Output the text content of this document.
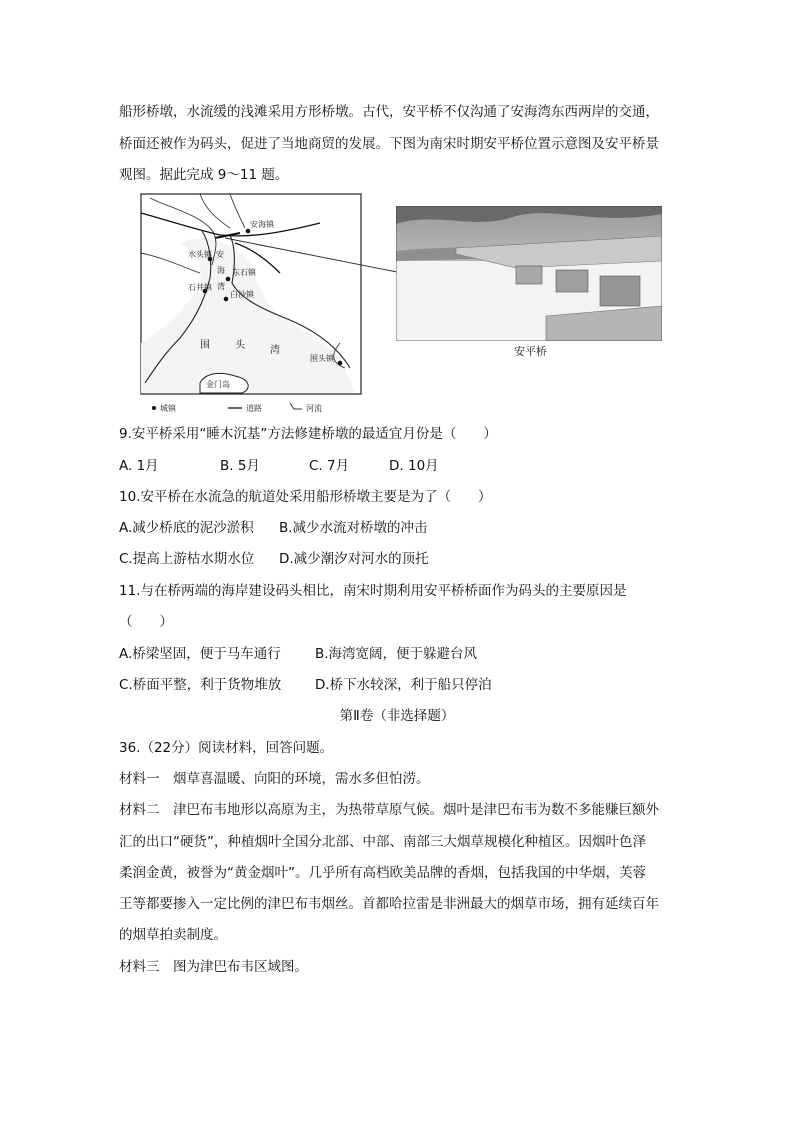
船形桥墩，水流缓的浅滩采用方形桥墩。古代，安平桥不仅沟通了安海湾东西两岸的交通，
桥面还被作为码头，促进了当地商贸的发展。下图为南宋时期安平桥位置示意图及安平桥景
观图。据此完成 9～11 题。
安海镇
水头镇 安
海
湾
东石镇
石井镇
白沙镇
围	头	湾
围头镇
金门岛
城镇	道路	河流
安平桥
9.安平桥采用“睡木沉基”方法修建桥墩的最适宜月份是（　　）
A. 1月	B. 5月	C. 7月	D. 10月
10.安平桥在水流急的航道处采用船形桥墩主要是为了（　　）
A.减少桥底的泥沙淤积 B.减少水流对桥墩的冲击
C.提高上游枯水期水位 D.减少潮汐对河水的顶托
11.与在桥两端的海岸建设码头相比，南宋时期利用安平桥桥面作为码头的主要原因是
（　　）
A.桥梁坚固，便于马车通行	B.海湾宽阔，便于躲避台风
C.桥面平整，利于货物堆放	D.桥下水较深，利于船只停泊
第Ⅱ卷（非选择题）
36.（22分）阅读材料，回答问题。
材料一　烟草喜温暖、向阳的环境，需水多但怕涝。
材料二　津巴布韦地形以高原为主，为热带草原气候。烟叶是津巴布韦为数不多能赚巨额外
汇的出口“硬货”，种植烟叶全国分北部、中部、南部三大烟草规模化种植区。因烟叶色泽
柔润金黄，被誉为“黄金烟叶”。几乎所有高档欧美品牌的香烟，包括我国的中华烟，芙蓉
王等都要掺入一定比例的津巴布韦烟丝。首都哈拉雷是非洲最大的烟草市场，拥有延续百年
的烟草拍卖制度。
材料三　图为津巴布韦区域图。
